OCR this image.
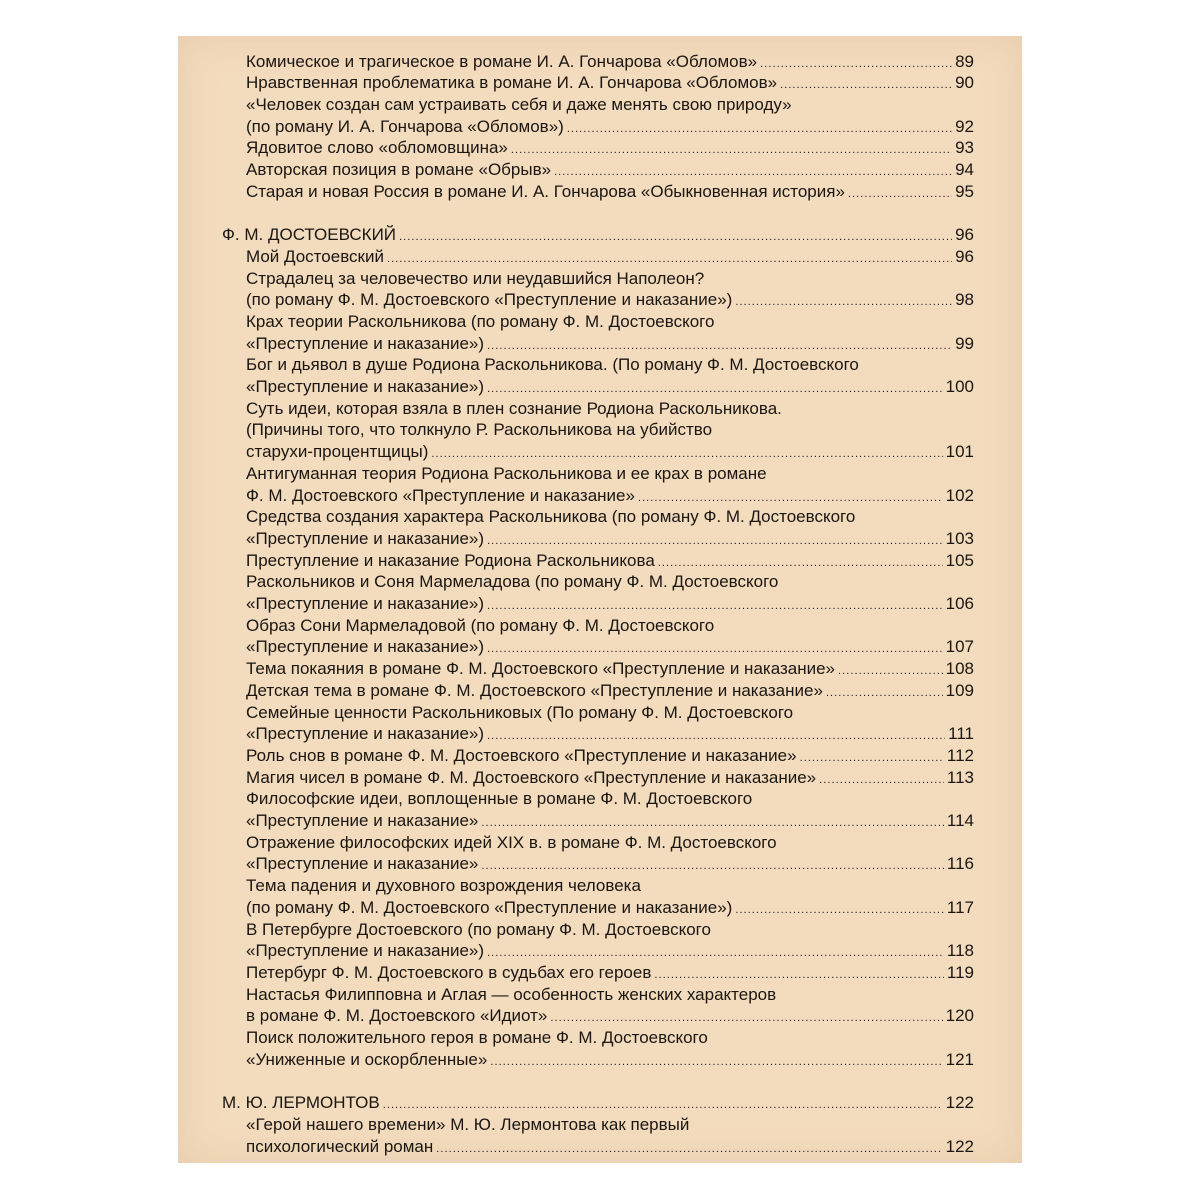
Комическое и трагическое в романе И. А. Гончарова «Обломов» . . .	89
Нравственная проблематика в романе И. А. Гончарова «Обломов» . . .	90
«Человек создан сам устраивать себя и даже менять свою природу»
(по роману И. А. Гончарова «Обломов») . . .	92
Ядовитое слово «обломовщина» . . .	93
Авторская позиция в романе «Обрыв» . . .	94
Старая и новая Россия в романе И. А. Гончарова «Обыкновенная история» . . .	95
Ф. М. ДОСТОЕВСКИЙ . . .	96
Мой Достоевский . . .	96
Страдалец за человечество или неудавшийся Наполеон?
(по роману Ф. М. Достоевского «Преступление и наказание») . . .	98
Крах теории Раскольникова (по роману Ф. М. Достоевского
«Преступление и наказание») . . .	99
Бог и дьявол в душе Родиона Раскольникова. (По роману Ф. М. Достоевского
«Преступление и наказание») . . .	100
Суть идеи, которая взяла в плен сознание Родиона Раскольникова.
(Причины того, что толкнуло Р. Раскольникова на убийство
старухи-процентщицы) . . .	101
Антигуманная теория Родиона Раскольникова и ее крах в романе
Ф. М. Достоевского «Преступление и наказание» . . .	102
Средства создания характера Раскольникова (по роману Ф. М. Достоевского
«Преступление и наказание») . . .	103
Преступление и наказание Родиона Раскольникова . . .	105
Раскольников и Соня Мармеладова (по роману Ф. М. Достоевского
«Преступление и наказание») . . .	106
Образ Сони Мармеладовой (по роману Ф. М. Достоевского
«Преступление и наказание») . . .	107
Тема покаяния в романе Ф. М. Достоевского «Преступление и наказание» . . .	108
Детская тема в романе Ф. М. Достоевского «Преступление и наказание» . . .	109
Семейные ценности Раскольниковых (По роману Ф. М. Достоевского
«Преступление и наказание») . . .	111
Роль снов в романе Ф. М. Достоевского «Преступление и наказание» . . .	112
Магия чисел в романе Ф. М. Достоевского «Преступление и наказание» . . .	113
Философские идеи, воплощенные в романе Ф. М. Достоевского
«Преступление и наказание» . . .	114
Отражение философских идей XIX в. в романе Ф. М. Достоевского
«Преступление и наказание» . . .	116
Тема падения и духовного возрождения человека
(по роману Ф. М. Достоевского «Преступление и наказание») . . .	117
В Петербурге Достоевского (по роману Ф. М. Достоевского
«Преступление и наказание») . . .	118
Петербург Ф. М. Достоевского в судьбах его героев . . .	119
Настасья Филипповна и Аглая — особенность женских характеров
в романе Ф. М. Достоевского «Идиот» . . .	120
Поиск положительного героя в романе Ф. М. Достоевского
«Униженные и оскорбленные» . . .	121
М. Ю. ЛЕРМОНТОВ . . .	122
«Герой нашего времени» М. Ю. Лермонтова как первый
психологический роман . . .	122
